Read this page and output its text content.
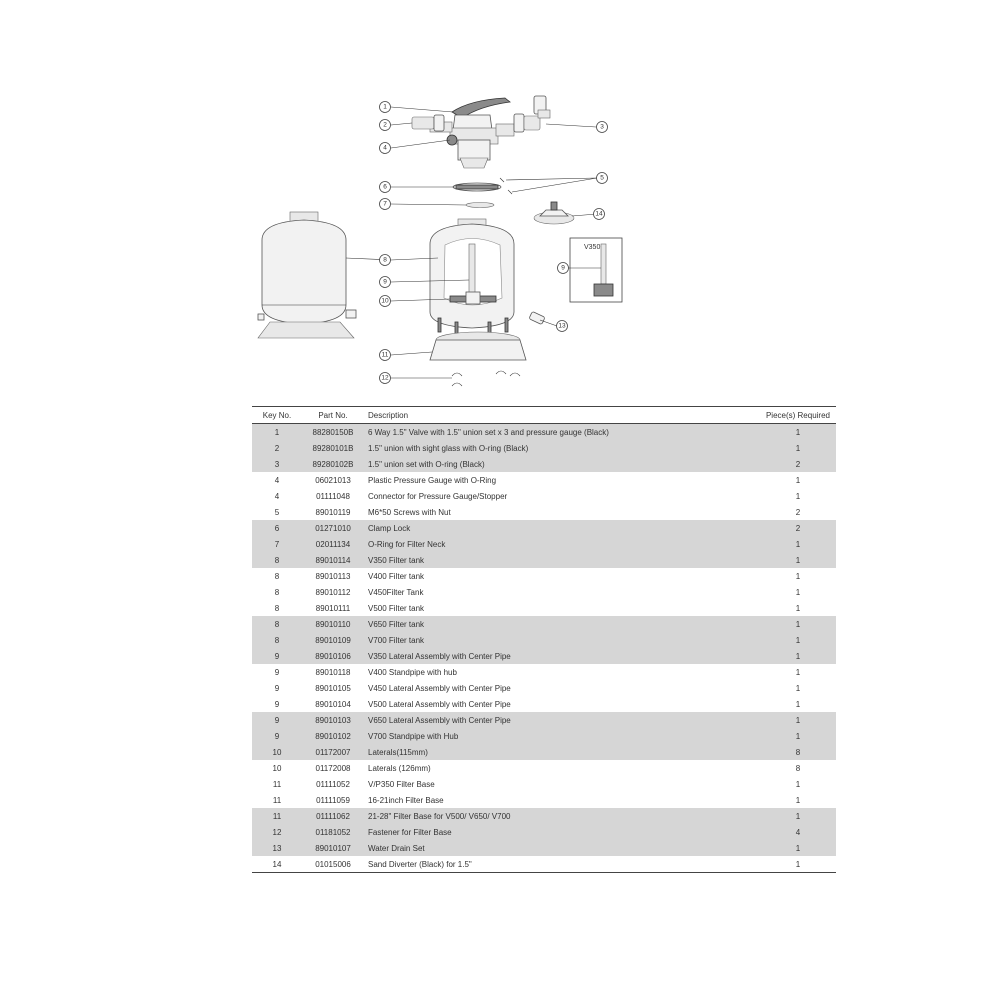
V350
1
2	3
4
5
6
7
14
8
9
9
10
13
11
12
Key No.	Part No.	Description	Piece(s) Required
1	88280150B	6 Way 1.5" Valve with 1.5" union set x 3 and pressure gauge (Black)	1
2	89280101B	1.5" union with sight glass with O-ring (Black)	1
3	89280102B	1.5" union set with O-ring (Black)	2
4	06021013	Plastic Pressure Gauge with O-Ring	1
4	01111048	Connector for Pressure Gauge/Stopper	1
5	89010119	M6*50 Screws with Nut	2
6	01271010	Clamp Lock	2
7	02011134	O-Ring for Filter Neck	1
8	89010114	V350 Filter tank	1
8	89010113	V400 Filter tank	1
8	89010112	V450Filter Tank	1
8	89010111	V500 Filter tank	1
8	89010110	V650 Filter tank	1
8	89010109	V700 Filter tank	1
9	89010106	V350 Lateral Assembly with Center Pipe	1
9	89010118	V400 Standpipe with hub	1
9	89010105	V450 Lateral Assembly with Center Pipe	1
9	89010104	V500 Lateral Assembly with Center Pipe	1
9	89010103	V650 Lateral Assembly with Center Pipe	1
9	89010102	V700 Standpipe with Hub	1
10	01172007	Laterals(115mm)	8
10	01172008	Laterals (126mm)	8
11	01111052	V/P350 Filter Base	1
11	01111059	16-21inch Filter Base	1
11	01111062	21-28" Filter Base for V500/ V650/ V700	1
12	01181052	Fastener for Filter Base	4
13	89010107	Water Drain Set	1
14	01015006	Sand Diverter (Black) for 1.5"	1
